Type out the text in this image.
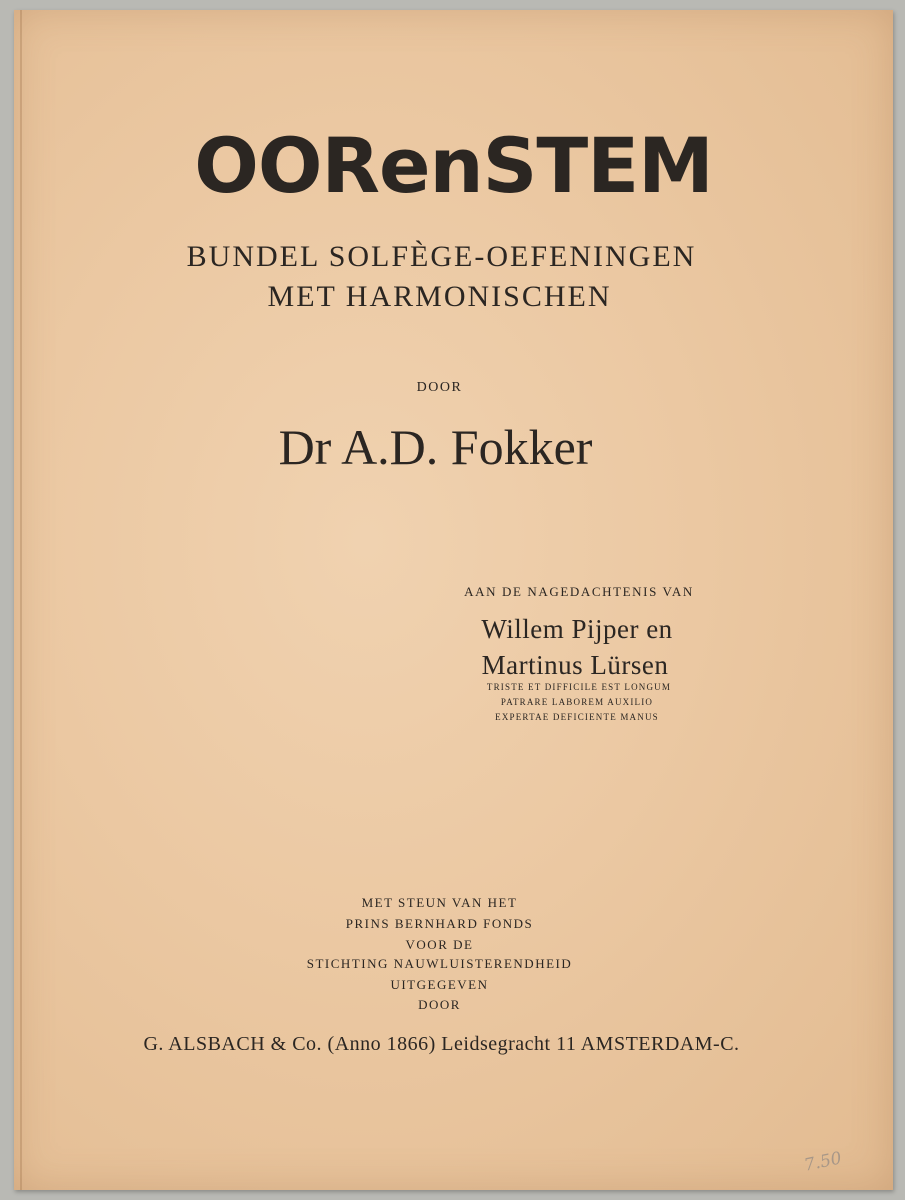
OORenSTEM
BUNDEL SOLFÈGE-OEFENINGEN
MET HARMONISCHEN
DOOR
Dr A.D. Fokker
AAN DE NAGEDACHTENIS VAN
Willem Pijper en
Martinus Lürsen
TRISTE ET DIFFICILE EST LONGUM
PATRARE LABOREM AUXILIO
EXPERTAE DEFICIENTE MANUS
MET STEUN VAN HET
PRINS BERNHARD FONDS
VOOR DE
STICHTING NAUWLUISTERENDHEID
UITGEGEVEN
DOOR
G. ALSBACH & Co. (Anno 1866) Leidsegracht 11 AMSTERDAM-C.
7.50
